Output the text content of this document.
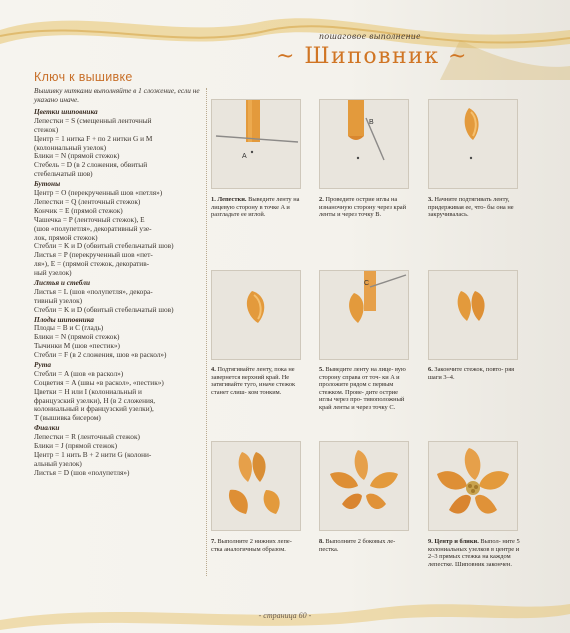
пошаговое выполнение
~ Шиповник ~
Ключ к вышивке
Вышивку нитками выполняйте в 1 сложение, если не указано иначе.
Цветки шиповника
Лепестки = S (смещенный ленточный
стежок)
Центр = 1 нитка F + по 2 нитки G и M
(колониальный узелок)
Блики = N (прямой стежок)
Стебель = D (в 2 сложения, обвитый
стебельчатый шов)
Бутоны
Центр = O (перекрученный шов «петля»)
Лепестки = Q (ленточный стежок)
Кончик = E (прямой стежок)
Чашечка = P (ленточный стежок), E
(шов «полупетля», декоративный узе-
лок, прямой стежок)
Стебли = K и D (обвитый стебельчатый шов)
Листья = P (перекрученный шов «пет-
ля»), E = (прямой стежок, декоратив-
ный узелок)
Листья и стебли
Листья = L (шов «полупетля», декора-
тивный узелок)
Стебли = K и D (обвитый стебельчатый шов)
Плоды шиповника
Плоды = B и C (гладь)
Блики = N (прямой стежок)
Тычинки M (шов «пестик»)
Стебли = F (в 2 сложения, шов «в раскол»)
Рута
Стебли = A (шов «в раскол»)
Соцветия = A (швы «в раскол», «пестик»)
Цветки = H или I (колониальный и
французский узелки), H (в 2 сложения,
колониальный и французский узелки),
T (вышивка бисером)
Фиалки
Лепестки = R (ленточный стежок)
Блики = J (прямой стежок)
Центр = 1 нить B + 2 нити G (колони-
альный узелок)
Листья = D (шов «полупетля»)
A
B
1. Лепестки. Выведите ленту на лицевую сторону в точке A и разгладьте ее иглой.
2. Проведите острие иглы на изнаночную сторону через край ленты и через точку B.
3. Начните подтягивать ленту, придерживая ее, что- бы она не закручивалась.
C
4. Подтягивайте ленту, пока не завернется верхний край. Не затягивайте туго, иначе стежок станет слиш- ком тонким.
5. Выведите ленту на лице- вую сторону справа от точ- ки A и проложите рядом с первым стежком. Прове- дите острие иглы через про- тивоположный край ленты и через точку C.
6. Закончите стежок, повто- ряя шаги 3–4.
7. Выполните 2 нижних лепе- стка аналогичным образом.
8. Выполните 2 боковых ле- пестка.
9. Центр и блики. Выпол- ните 5 колониальных узелков в центре и 2–3 прямых стежка на каждом лепестке. Шиповник закончен.
- страница 60 -
